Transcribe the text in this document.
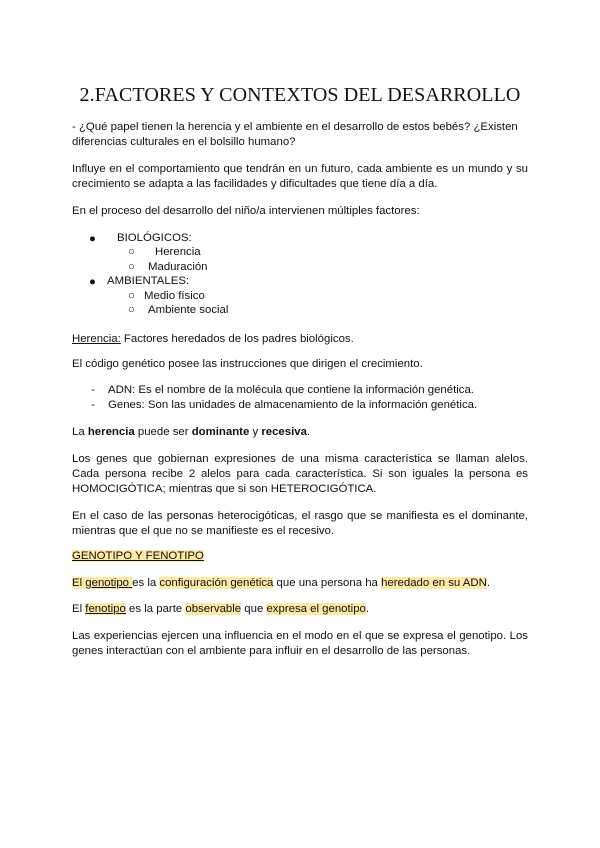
2.FACTORES Y CONTEXTOS DEL DESARROLLO

- ¿Qué papel tienen la herencia y el ambiente en el desarrollo de estos bebés? ¿Existen diferencias culturales en el bolsillo humano?

Influye en el comportamiento que tendrán en un futuro, cada ambiente es un mundo y su crecimiento se adapta a las facilidades y dificultades que tiene día a día.

En el proceso del desarrollo del niño/a intervienen múltiples factores:

● BIOLÓGICOS:
○ Herencia
○ Maduración
● AMBIENTALES:
○ Medio físico
○ Ambiente social

Herencia: Factores heredados de los padres biológicos.

El código genético posee las instrucciones que dirigen el crecimiento.

- ADN: Es el nombre de la molécula que contiene la información genética.
- Genes: Son las unidades de almacenamiento de la información genética.

La herencia puede ser dominante y recesiva.

Los genes que gobiernan expresiones de una misma característica se llaman alelos. Cada persona recibe 2 alelos para cada característica. Si son iguales la persona es HOMOCIGÓTICA; mientras que si son HETEROCIGÓTICA.

En el caso de las personas heterocigóticas, el rasgo que se manifiesta es el dominante, mientras que el que no se manifieste es el recesivo.

GENOTIPO Y FENOTIPO

El genotipo es la configuración genética que una persona ha heredado en su ADN.

El fenotipo es la parte observable que expresa el genotipo.

Las experiencias ejercen una influencia en el modo en el que se expresa el genotipo. Los genes interactúan con el ambiente para influir en el desarrollo de las personas.
